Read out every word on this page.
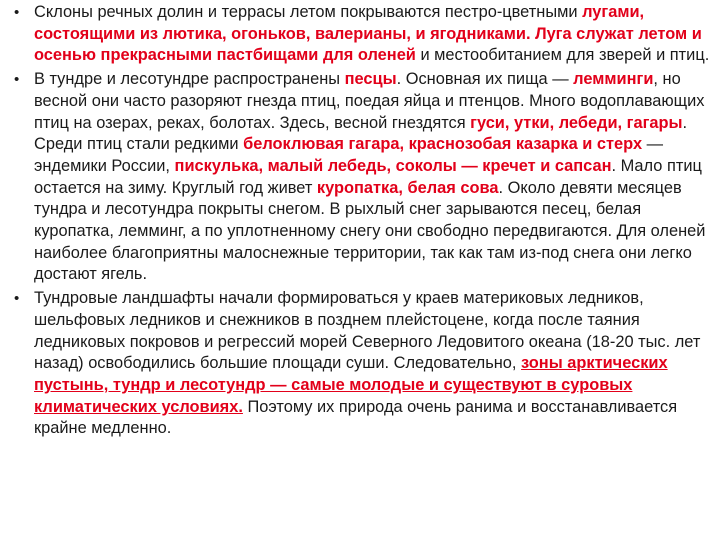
• Склоны речных долин и террасы летом покрываются пестро-цветными лугами, состоящими из лютика, огоньков, валерианы, и ягодниками. Луга служат летом и осенью прекрасными пастбищами для оленей и местообитанием для зверей и птиц.
• В тундре и лесотундре распространены песцы. Основная их пища — лемминги, но весной они часто разоряют гнезда птиц, поедая яйца и птенцов. Много водоплавающих птиц на озерах, реках, болотах. Здесь, весной гнездятся гуси, утки, лебеди, гагары. Среди птиц стали редкими белоклювая гагара, краснозобая казарка и стерх — эндемики России, пискулька, малый лебедь, соколы — кречет и сапсан. Мало птиц остается на зиму. Круглый год живет куропатка, белая сова. Около девяти месяцев тундра и лесотундра покрыты снегом. В рыхлый снег зарываются песец, белая куропатка, лемминг, а по уплотненному снегу они свободно передвигаются. Для оленей наиболее благоприятны малоснежные территории, так как там из-под снега они легко достают ягель.
• Тундровые ландшафты начали формироваться у краев материковых ледников, шельфовых ледников и снежников в позднем плейстоцене, когда после таяния ледниковых покровов и регрессий морей Северного Ледовитого океана (18-20 тыс. лет назад) освободились большие площади суши. Следовательно, зоны арктических пустынь, тундр и лесотундр — самые молодые и существуют в суровых климатических условиях. Поэтому их природа очень ранима и восстанавливается крайне медленно.
